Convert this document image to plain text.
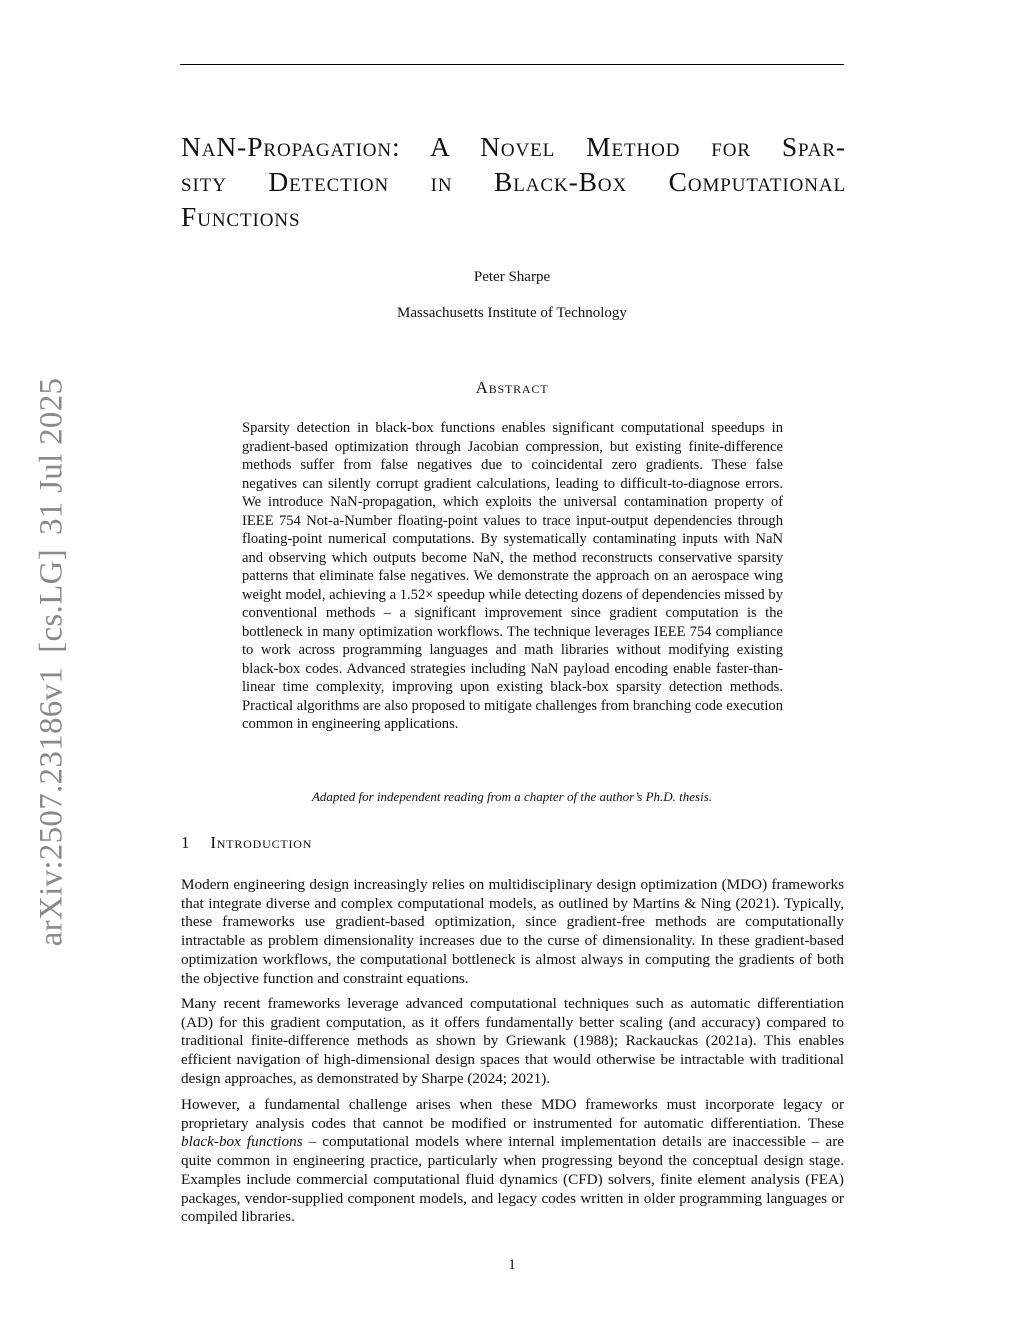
arXiv:2507.23186v1[cs.LG]31 Jul 2025
NaN-Propagation: A Novel Method for Spar-
sity Detection in Black-Box Computational
Functions
Peter Sharpe
Massachusetts Institute of Technology
Abstract

Sparsity detection in black-box functions enables significant computational speedups in gradient-based optimization through Jacobian compression, but existing finite-difference methods suffer from false negatives due to coincidental zero gradients. These false negatives can silently corrupt gradient calculations, leading to difficult-to-diagnose errors. We introduce NaN-propagation, which exploits the universal contamination property of IEEE 754 Not-a-Number floating-point values to trace input-output dependencies through floating-point numerical computations. By systematically contaminating inputs with NaN and observing which outputs become NaN, the method reconstructs conservative sparsity patterns that eliminate false negatives. We demonstrate the approach on an aerospace wing weight model, achieving a 1.52× speedup while detecting dozens of dependencies missed by conventional methods – a significant improvement since gradient computation is the bottleneck in many optimization workflows. The technique leverages IEEE 754 compliance to work across programming languages and math libraries without modifying existing black-box codes. Advanced strategies including NaN payload encoding enable faster-than-linear time complexity, improving upon existing black-box sparsity detection methods. Practical algorithms are also proposed to mitigate challenges from branching code execution common in engineering applications.

Adapted for independent reading from a chapter of the author’s Ph.D. thesis.
1 Introduction

Modern engineering design increasingly relies on multidisciplinary design optimization (MDO) frameworks that integrate diverse and complex computational models, as outlined by Martins & Ning (2021). Typically, these frameworks use gradient-based optimization, since gradient-free methods are computationally intractable as problem dimensionality increases due to the curse of dimensionality. In these gradient-based optimization workflows, the computational bottleneck is almost always in computing the gradients of both the objective function and constraint equations.

Many recent frameworks leverage advanced computational techniques such as automatic differentiation (AD) for this gradient computation, as it offers fundamentally better scaling (and accuracy) compared to traditional finite-difference methods as shown by Griewank (1988); Rackauckas (2021a). This enables efficient navigation of high-dimensional design spaces that would otherwise be intractable with traditional design approaches, as demonstrated by Sharpe (2024; 2021).

However, a fundamental challenge arises when these MDO frameworks must incorporate legacy or proprietary analysis codes that cannot be modified or instrumented for automatic differentiation. These black-box functions – computational models where internal implementation details are inaccessible – are quite common in engineering practice, particularly when progressing beyond the conceptual design stage. Examples include commercial computational fluid dynamics (CFD) solvers, finite element analysis (FEA) packages, vendor-supplied component models, and legacy codes written in older programming languages or compiled libraries.

1
